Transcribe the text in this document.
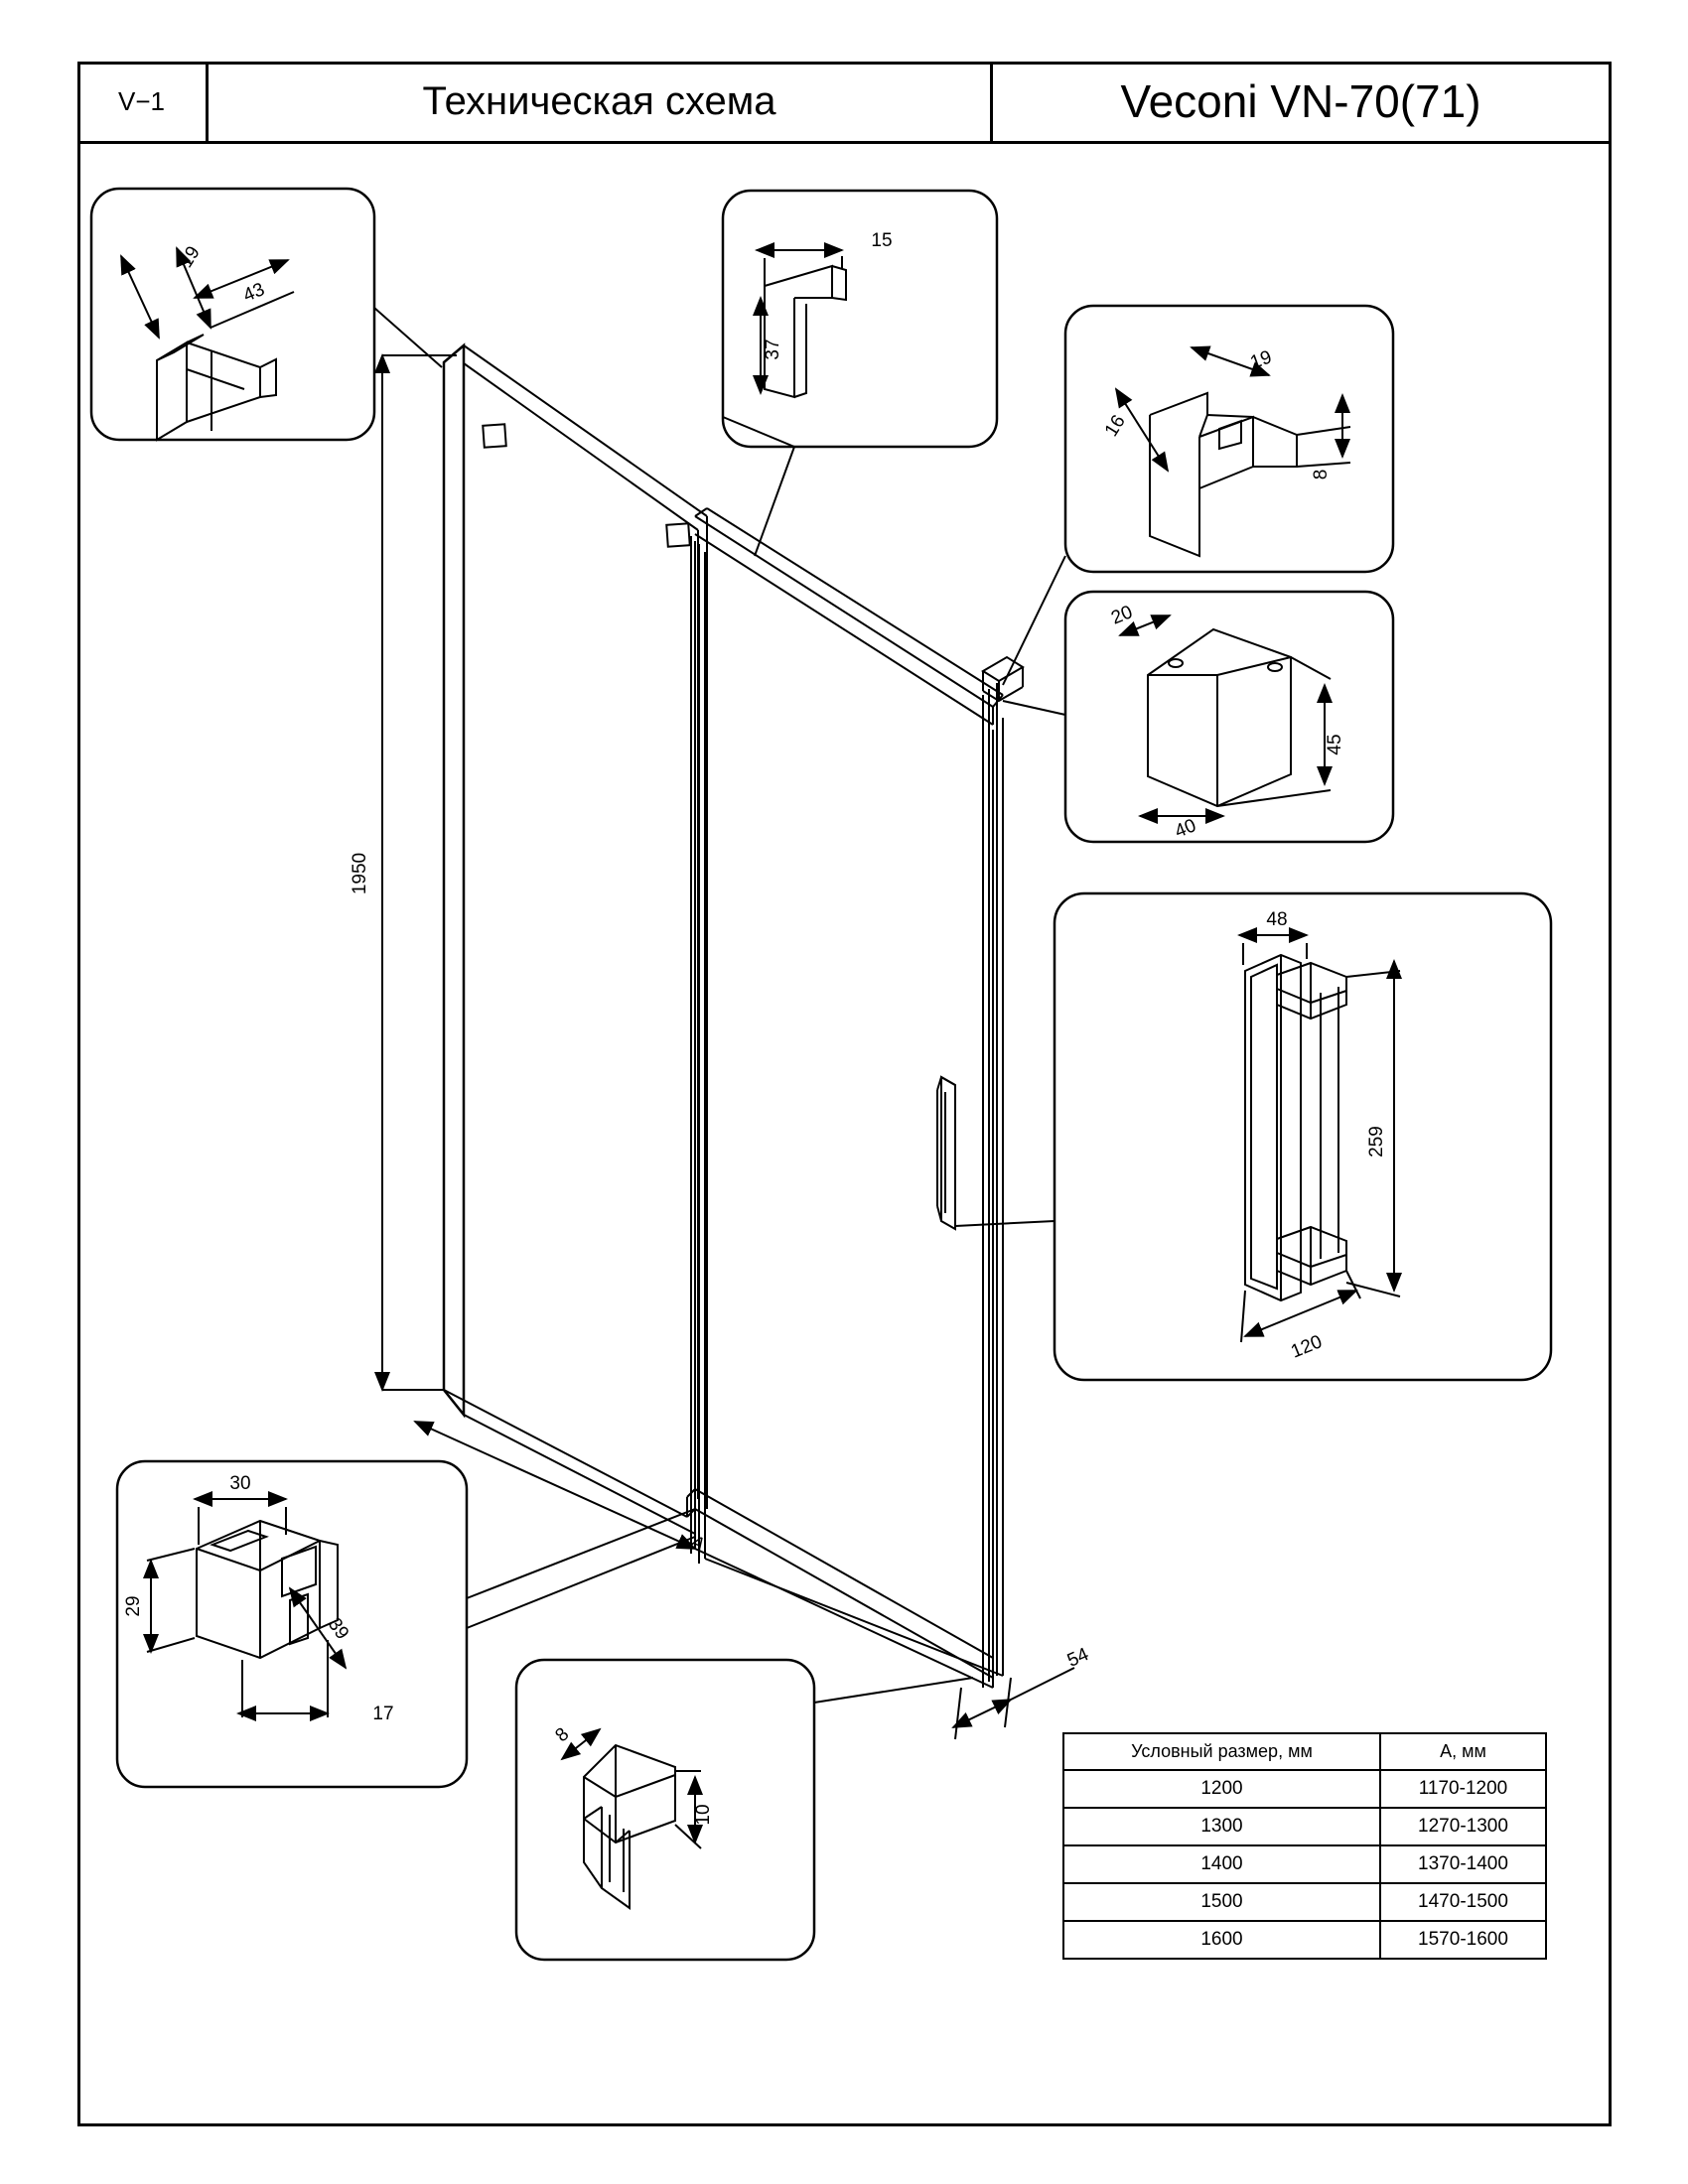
V−1	Техническая схема	Veconi VN-70(71)
1950
A
54
19
43
15
37
16
19
8
20
45
40
48
259
120
30
29
39
17
8
10
Условный размер, мм	A, мм
1200	1170-1200
1300	1270-1300
1400	1370-1400
1500	1470-1500
1600	1570-1600
